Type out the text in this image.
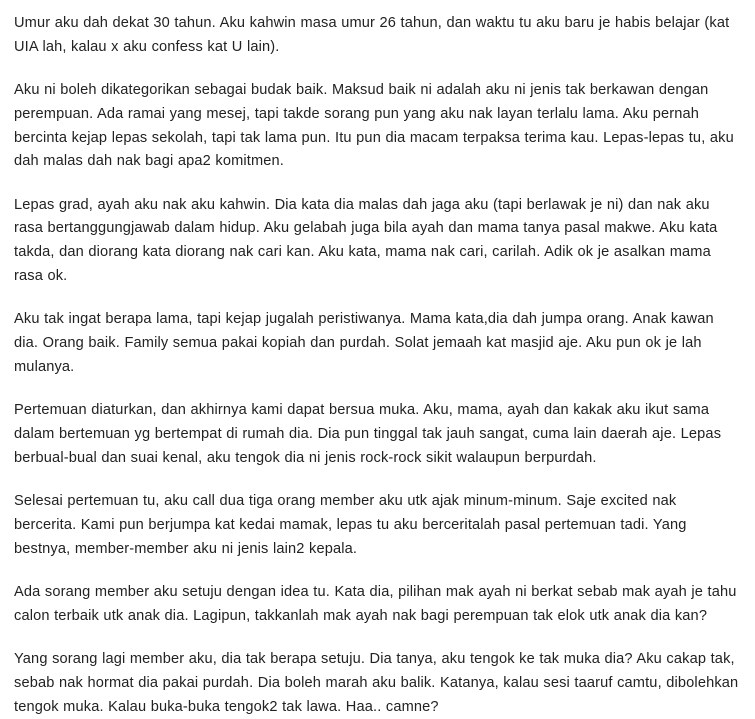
Umur aku dah dekat 30 tahun. Aku kahwin masa umur 26 tahun, dan waktu tu aku baru je habis belajar (kat UIA lah, kalau x aku confess kat U lain).

Aku ni boleh dikategorikan sebagai budak baik. Maksud baik ni adalah aku ni jenis tak berkawan dengan perempuan. Ada ramai yang mesej, tapi takde sorang pun yang aku nak layan terlalu lama. Aku pernah bercinta kejap lepas sekolah, tapi tak lama pun. Itu pun dia macam terpaksa terima kau. Lepas-lepas tu, aku dah malas dah nak bagi apa2 komitmen.

Lepas grad, ayah aku nak aku kahwin. Dia kata dia malas dah jaga aku (tapi berlawak je ni) dan nak aku rasa bertanggungjawab dalam hidup. Aku gelabah juga bila ayah dan mama tanya pasal makwe. Aku kata takda, dan diorang kata diorang nak cari kan. Aku kata, mama nak cari, carilah. Adik ok je asalkan mama rasa ok.

Aku tak ingat berapa lama, tapi kejap jugalah peristiwanya. Mama kata,dia dah jumpa orang. Anak kawan dia. Orang baik. Family semua pakai kopiah dan purdah. Solat jemaah kat masjid aje. Aku pun ok je lah mulanya.

Pertemuan diaturkan, dan akhirnya kami dapat bersua muka. Aku, mama, ayah dan kakak aku ikut sama dalam bertemuan yg bertempat di rumah dia. Dia pun tinggal tak jauh sangat, cuma lain daerah aje. Lepas berbual-bual dan suai kenal, aku tengok dia ni jenis rock-rock sikit walaupun berpurdah.

Selesai pertemuan tu, aku call dua tiga orang member aku utk ajak minum-minum. Saje excited nak bercerita. Kami pun berjumpa kat kedai mamak, lepas tu aku berceritalah pasal pertemuan tadi. Yang bestnya, member-member aku ni jenis lain2 kepala.

Ada sorang member aku setuju dengan idea tu. Kata dia, pilihan mak ayah ni berkat sebab mak ayah je tahu calon terbaik utk anak dia. Lagipun, takkanlah mak ayah nak bagi perempuan tak elok utk anak dia kan?

Yang sorang lagi member aku, dia tak berapa setuju. Dia tanya, aku tengok ke tak muka dia? Aku cakap tak, sebab nak hormat dia pakai purdah. Dia boleh marah aku balik. Katanya, kalau sesi taaruf camtu, dibolehkan tengok muka. Kalau buka-buka tengok2 tak lawa. Haa.. camne?
